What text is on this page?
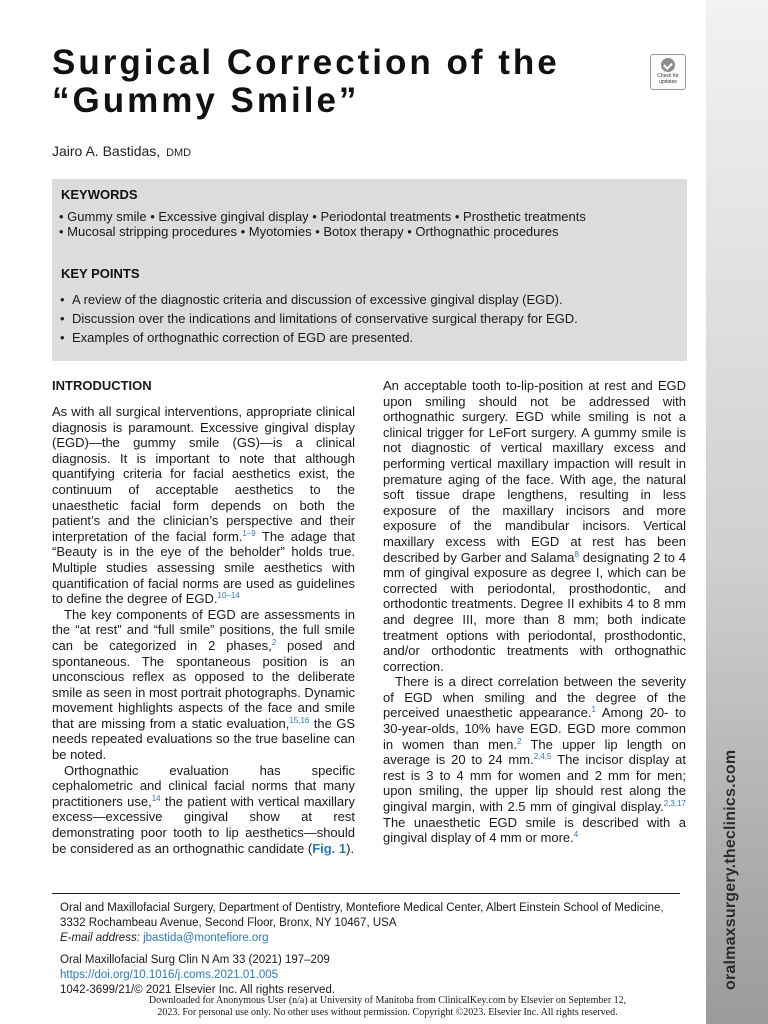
oralmaxsurgery.theclinics.com
Surgical Correction of the “Gummy Smile”
Check for updates
Jairo A. Bastidas, DMD
KEYWORDS
• Gummy smile • Excessive gingival display • Periodontal treatments • Prosthetic treatments
• Mucosal stripping procedures • Myotomies • Botox therapy • Orthognathic procedures
KEY POINTS
• A review of the diagnostic criteria and discussion of excessive gingival display (EGD).
• Discussion over the indications and limitations of conservative surgical therapy for EGD.
• Examples of orthognathic correction of EGD are presented.
INTRODUCTION

As with all surgical interventions, appropriate clinical diagnosis is paramount. Excessive gingival display (EGD)—the gummy smile (GS)—is a clinical diagnosis. It is important to note that although quantifying criteria for facial aesthetics exist, the continuum of acceptable aesthetics to the unaesthetic facial form depends on both the patient’s and the clinician’s perspective and their interpretation of the facial form.$^{1-9}$ The adage that “Beauty is in the eye of the beholder” holds true. Multiple studies assessing smile aesthetics with quantification of facial norms are used as guidelines to define the degree of EGD.$^{10-14}$

The key components of EGD are assessments in the “at rest” and “full smile” positions, the full smile can be categorized in 2 phases,$^2$ posed and spontaneous. The spontaneous position is an unconscious reflex as opposed to the deliberate smile as seen in most portrait photographs. Dynamic movement highlights aspects of the face and smile that are missing from a static evaluation,$^{15,16}$ the GS needs repeated evaluations so the true baseline can be noted.

Orthognathic evaluation has specific cephalometric and clinical facial norms that many practitioners use,$^{14}$ the patient with vertical maxillary excess—excessive gingival show at rest demonstrating poor tooth to lip aesthetics—should be considered as an orthognathic candidate (Fig. 1).

An acceptable tooth to-lip-position at rest and EGD upon smiling should not be addressed with orthognathic surgery. EGD while smiling is not a clinical trigger for LeFort surgery. A gummy smile is not diagnostic of vertical maxillary excess and performing vertical maxillary impaction will result in premature aging of the face. With age, the natural soft tissue drape lengthens, resulting in less exposure of the maxillary incisors and more exposure of the mandibular incisors. Vertical maxillary excess with EGD at rest has been described by Garber and Salama$^8$ designating 2 to 4 mm of gingival exposure as degree I, which can be corrected with periodontal, prosthodontic, and orthodontic treatments. Degree II exhibits 4 to 8 mm and degree III, more than 8 mm; both indicate treatment options with periodontal, prosthodontic, and/or orthodontic treatments with orthognathic correction.

There is a direct correlation between the severity of EGD when smiling and the degree of the perceived unaesthetic appearance.$^1$ Among 20- to 30-year-olds, 10% have EGD. EGD more common in women than men.$^2$ The upper lip length on average is 20 to 24 mm.$^{2,4,5}$ The incisor display at rest is 3 to 4 mm for women and 2 mm for men; upon smiling, the upper lip should rest along the gingival margin, with 2.5 mm of gingival display.$^{2,3,17}$ The unaesthetic EGD smile is described with a gingival display of 4 mm or more.$^4$

Oral and Maxillofacial Surgery, Department of Dentistry, Montefiore Medical Center, Albert Einstein School of Medicine, 3332 Rochambeau Avenue, Second Floor, Bronx, NY 10467, USA
E-mail address: jbastida@montefiore.org
Oral Maxillofacial Surg Clin N Am 33 (2021) 197–209
https://doi.org/10.1016/j.coms.2021.01.005
1042-3699/21/© 2021 Elsevier Inc. All rights reserved.
Downloaded for Anonymous User (n/a) at University of Manitoba from ClinicalKey.com by Elsevier on September 12,
2023. For personal use only. No other uses without permission. Copyright ©2023. Elsevier Inc. All rights reserved.
